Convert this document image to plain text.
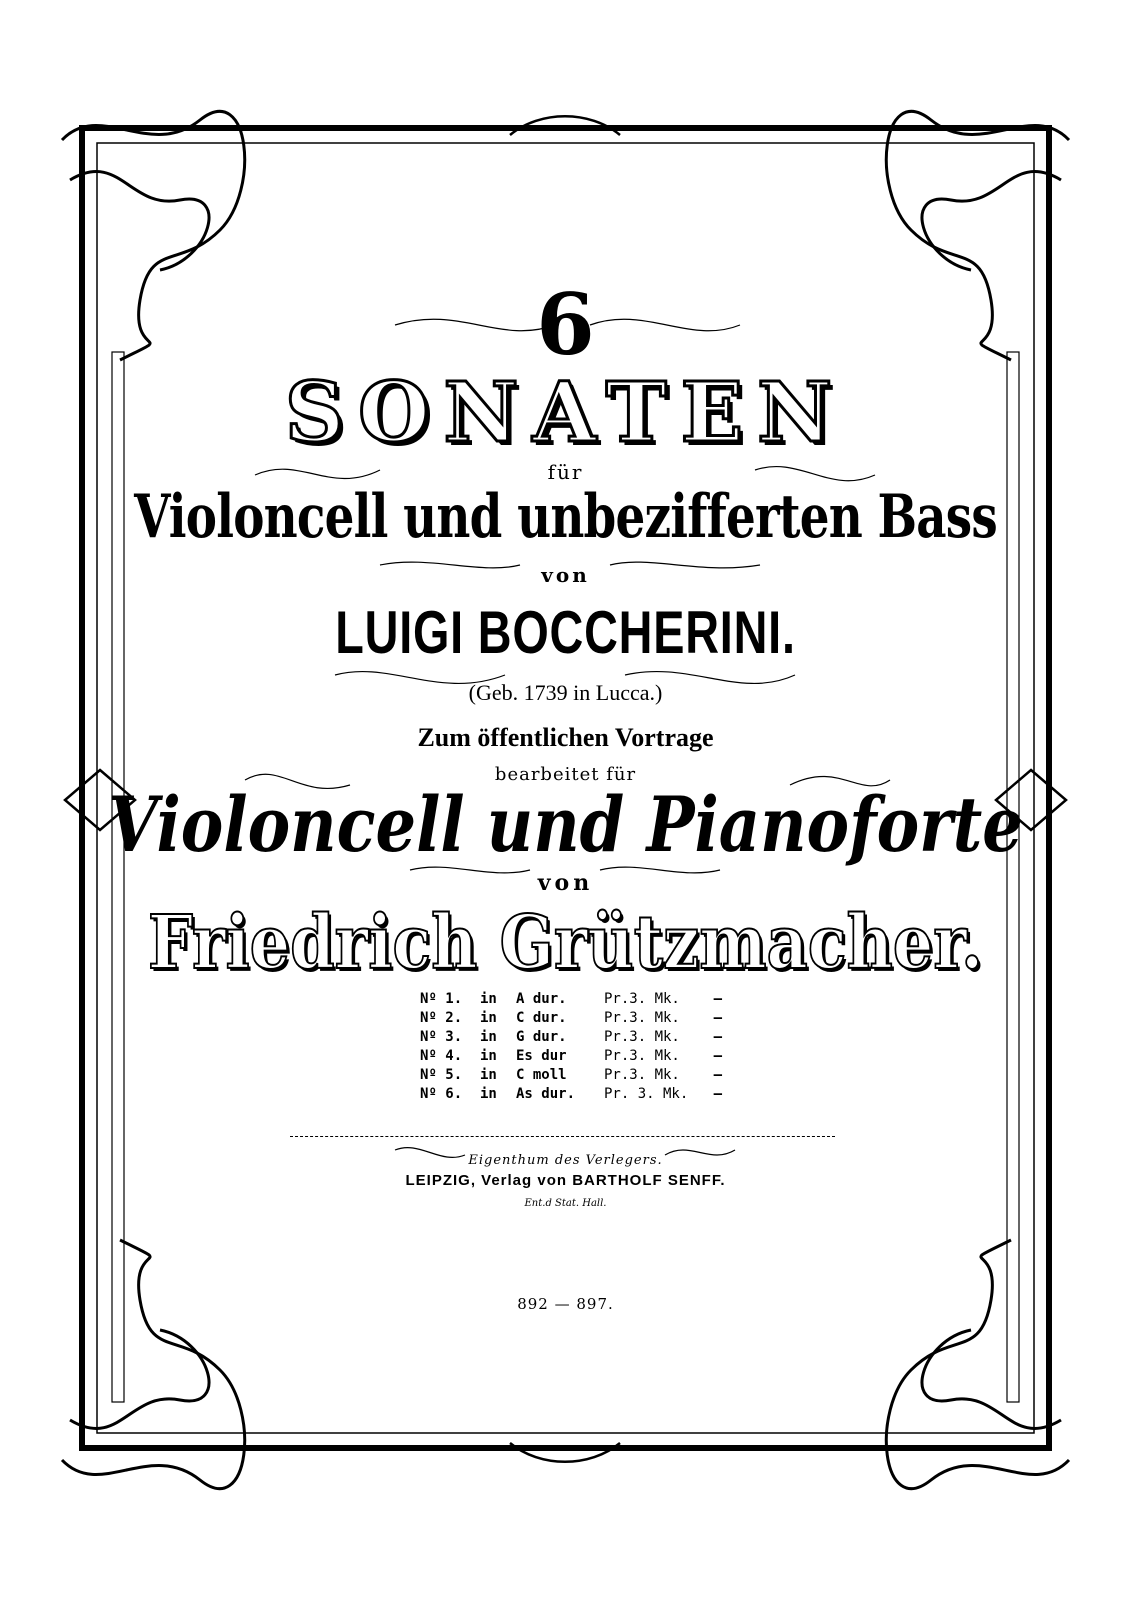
6
SONATEN
für
Violoncell und unbezifferten Bass
von
LUIGI BOCCHERINI.
(Geb. 1739 in Lucca.)
Zum öffentlichen Vortrage
bearbeitet für
Violoncell und Pianoforte
von
Friedrich Grützmacher.
Nº 1.	in	A dur.	Pr.3. Mk.	—
Nº 2.	in	C dur.	Pr.3. Mk.	—
Nº 3.	in	G dur.	Pr.3. Mk.	—
Nº 4.	in	Es dur	Pr.3. Mk.	—
Nº 5.	in	C moll	Pr.3. Mk.	—
Nº 6.	in	As dur.	Pr. 3. Mk.	—
Eigenthum des Verlegers.
LEIPZIG, Verlag von BARTHOLF SENFF.
Ent.d Stat. Hall.
892 — 897.
